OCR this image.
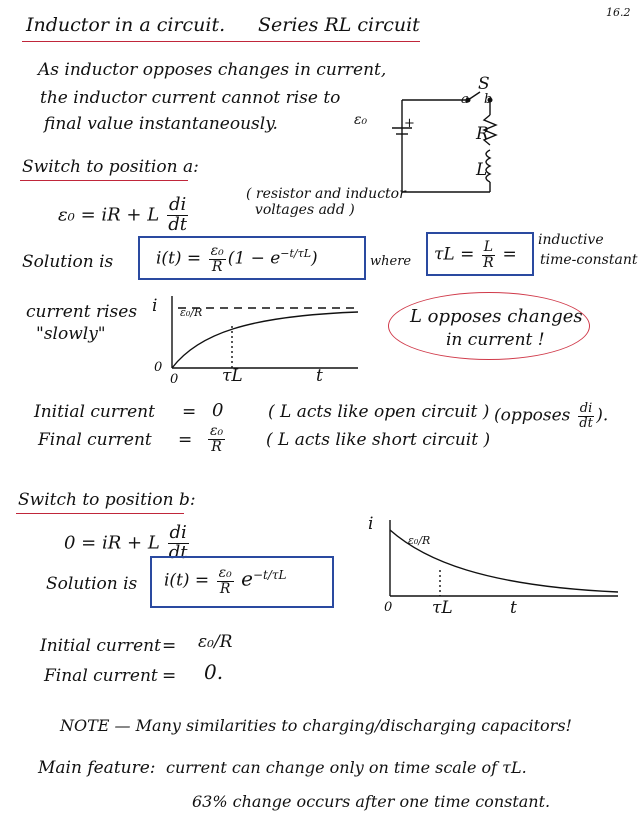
16.2
Inductor in a circuit. Series RL circuit
As inductor opposes changes in current,
the inductor current cannot rise to
final value instantaneously.
S
a b
ε₀	+
R
L
Switch to position a:
ε₀ = iR + L $\frac{di}{dt}$
( resistor and inductor
voltages add )
Solution is	$i(t) = \frac{\text{ε₀}}{R} (1 - e^{-t/\tau L})$	where $\tau L = \frac{L}{R}$ =
inductive
time-constant
current rises
"slowly"
i ε₀/R
0
0	τL	t
L opposes changes
in current !
Initial current = 0	( L acts like open circuit ) (opposes $\frac{di}{dt}$ ).
Final current = $\frac{\text{ε₀}}{R}$ ( L acts like short circuit )
Switch to position b:
0 = iR + L $\frac{di}{dt}$
Solution is $i(t) = \frac{\text{ε₀}}{R} e^{-t/\tau L}$
i
ε₀/R
0 τL	t
Initial current = ε₀/R
Final current = 0.
NOTE — Many similarities to charging/discharging capacitors!
Main feature: current can change only on time scale of τL.
63% change occurs after one time constant.
